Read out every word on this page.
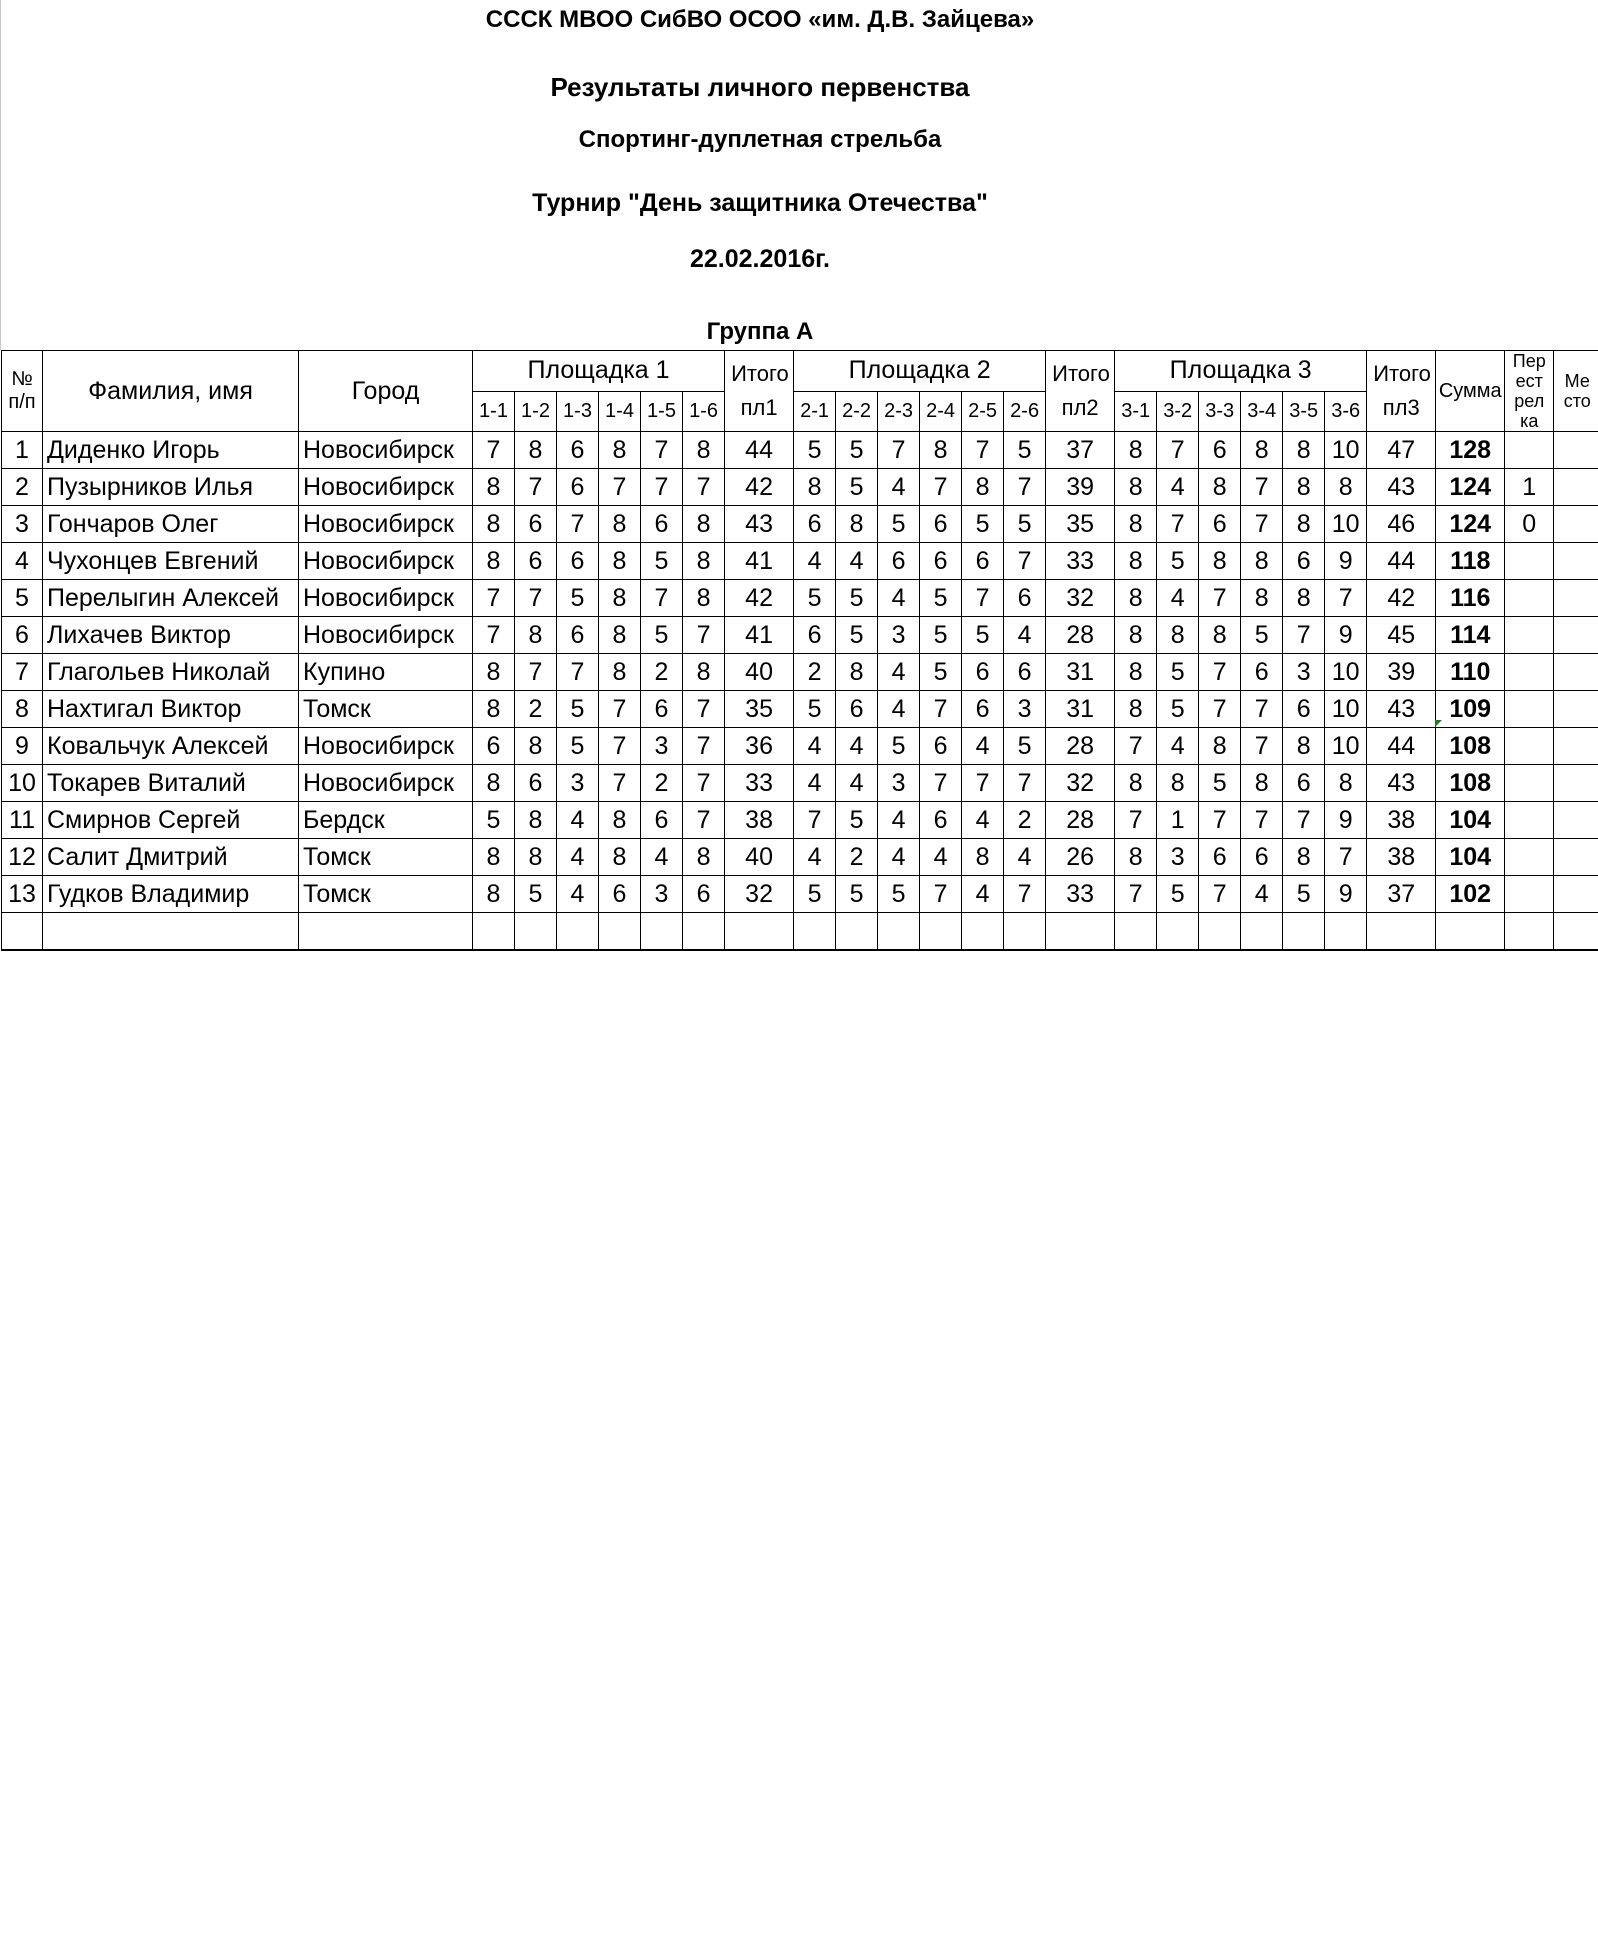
СССК МВОО СибВО ОСОО «им. Д.В. Зайцева»
Результаты личного первенства
Спортинг-дуплетная стрельба
Турнир "День защитника Отечества"
22.02.2016г.
Группа А
№ п/п	Фамилия, имя	Город	Площадка 1						Итого пл1	Площадка 2						Итого пл2	Площадка 3						Итого пл3	Сумма	Перестрелка	Место

			1-1	1-2	1-3	1-4	1-5	1-6		2-1	2-2	2-3	2-4	2-5	2-6		3-1	3-2	3-3	3-4	3-5	3-6				
1	Диденко Игорь	Новосибирск	7	8	6	8	7	8	44	5	5	7	8	7	5	37	8	7	6	8	8	10	47	128		
2	Пузырников Илья	Новосибирск	8	7	6	7	7	7	42	8	5	4	7	8	7	39	8	4	8	7	8	8	43	124	1	
3	Гончаров Олег	Новосибирск	8	6	7	8	6	8	43	6	8	5	6	5	5	35	8	7	6	7	8	10	46	124	0	
4	Чухонцев Евгений	Новосибирск	8	6	6	8	5	8	41	4	4	6	6	6	7	33	8	5	8	8	6	9	44	118		
5	Перелыгин Алексей	Новосибирск	7	7	5	8	7	8	42	5	5	4	5	7	6	32	8	4	7	8	8	7	42	116		
6	Лихачев Виктор	Новосибирск	7	8	6	8	5	7	41	6	5	3	5	5	4	28	8	8	8	5	7	9	45	114		
7	Глагольев Николай	Купино	8	7	7	8	2	8	40	2	8	4	5	6	6	31	8	5	7	6	3	10	39	110		
8	Нахтигал Виктор	Томск	8	2	5	7	6	7	35	5	6	4	7	6	3	31	8	5	7	7	6	10	43	109		
9	Ковальчук Алексей	Новосибирск	6	8	5	7	3	7	36	4	4	5	6	4	5	28	7	4	8	7	8	10	44	108		
10	Токарев Виталий	Новосибирск	8	6	3	7	2	7	33	4	4	3	7	7	7	32	8	8	5	8	6	8	43	108		
11	Смирнов Сергей	Бердск	5	8	4	8	6	7	38	7	5	4	6	4	2	28	7	1	7	7	7	9	38	104		
12	Салит Дмитрий	Томск	8	8	4	8	4	8	40	4	2	4	4	8	4	26	8	3	6	6	8	7	38	104		
13	Гудков Владимир	Томск	8	5	4	6	3	6	32	5	5	5	7	4	7	33	7	5	7	4	5	9	37	102		
